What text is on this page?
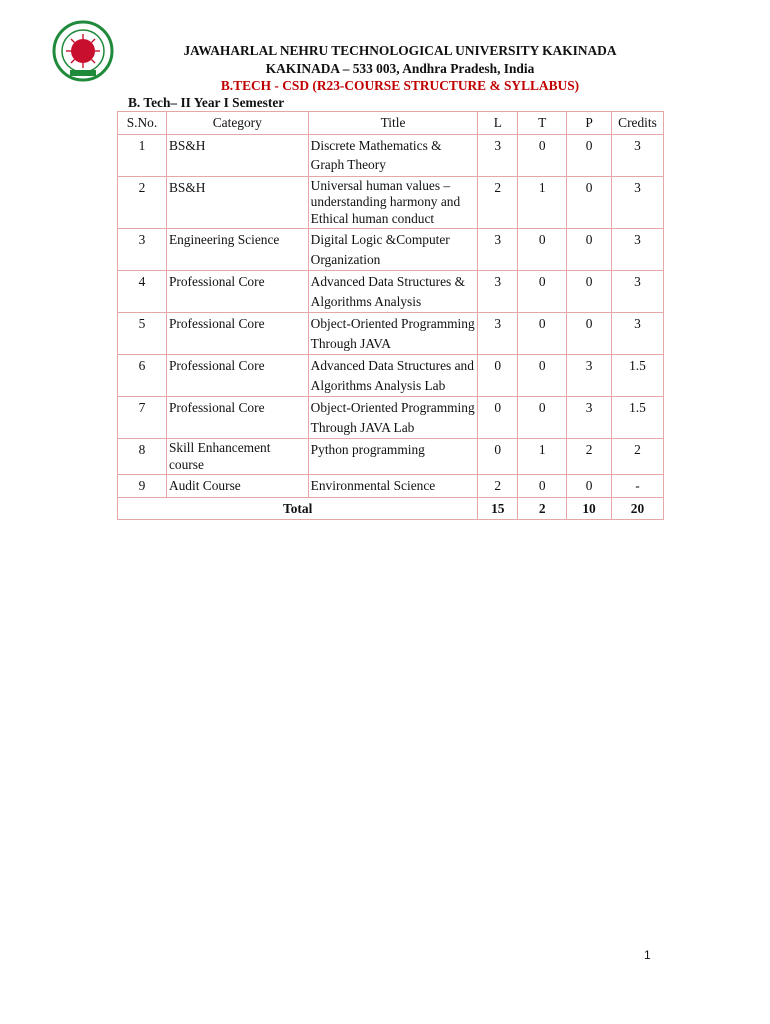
JAWAHARLAL NEHRU TECHNOLOGICAL UNIVERSITY KAKINADA
KAKINADA – 533 003, Andhra Pradesh, India
B.TECH - CSD (R23-COURSE STRUCTURE & SYLLABUS)
B. Tech– II Year I Semester
S.No.	Category	Title	L	T	P	Credits
1	BS&H	Discrete Mathematics & Graph Theory	3	0	0	3
2	BS&H	Universal human values – understanding harmony and Ethical human conduct	2	1	0	3
3	Engineering Science	Digital Logic &Computer Organization	3	0	0	3
4	Professional Core	Advanced Data Structures & Algorithms Analysis	3	0	0	3
5	Professional Core	Object-Oriented Programming Through JAVA	3	0	0	3
6	Professional Core	Advanced Data Structures and Algorithms Analysis Lab	0	0	3	1.5
7	Professional Core	Object-Oriented Programming Through JAVA Lab	0	0	3	1.5
8	Skill Enhancement course	Python programming	0	1	2	2
9	Audit Course	Environmental Science	2	0	0	-
Total			15	2	10	20
1
